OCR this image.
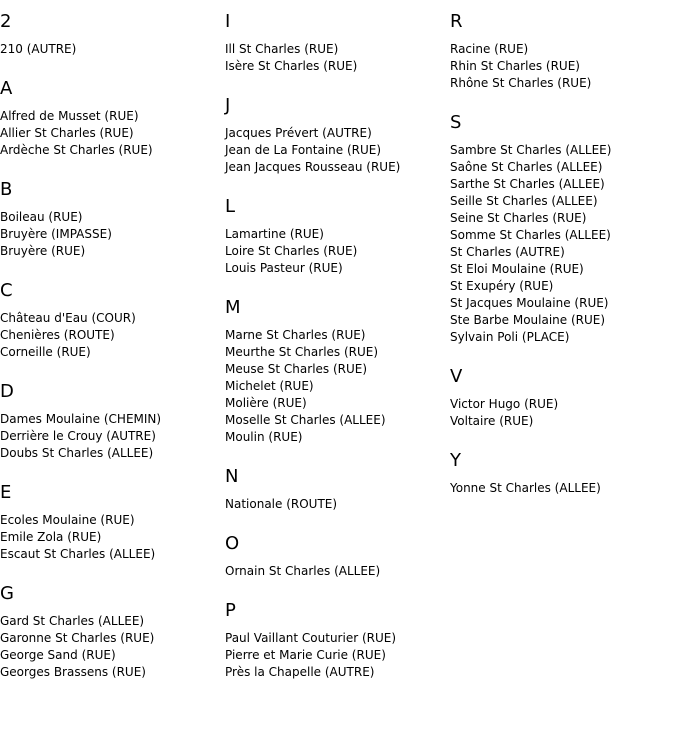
2
210 (AUTRE)
A
Alfred de Musset (RUE)
Allier St Charles (RUE)
Ardèche St Charles (RUE)
B
Boileau (RUE)
Bruyère (IMPASSE)
Bruyère (RUE)
C
Château d'Eau (COUR)
Chenières (ROUTE)
Corneille (RUE)
D
Dames Moulaine (CHEMIN)
Derrière le Crouy (AUTRE)
Doubs St Charles (ALLEE)
E
Ecoles Moulaine (RUE)
Emile Zola (RUE)
Escaut St Charles (ALLEE)
G
Gard St Charles (ALLEE)
Garonne St Charles (RUE)
George Sand (RUE)
Georges Brassens (RUE)
I
Ill St Charles (RUE)
Isère St Charles (RUE)
J
Jacques Prévert (AUTRE)
Jean de La Fontaine (RUE)
Jean Jacques Rousseau (RUE)
L
Lamartine (RUE)
Loire St Charles (RUE)
Louis Pasteur (RUE)
M
Marne St Charles (RUE)
Meurthe St Charles (RUE)
Meuse St Charles (RUE)
Michelet (RUE)
Molière (RUE)
Moselle St Charles (ALLEE)
Moulin (RUE)
N
Nationale (ROUTE)
O
Ornain St Charles (ALLEE)
P
Paul Vaillant Couturier (RUE)
Pierre et Marie Curie (RUE)
Près la Chapelle (AUTRE)
R
Racine (RUE)
Rhin St Charles (RUE)
Rhône St Charles (RUE)
S
Sambre St Charles (ALLEE)
Saône St Charles (ALLEE)
Sarthe St Charles (ALLEE)
Seille St Charles (ALLEE)
Seine St Charles (RUE)
Somme St Charles (ALLEE)
St Charles (AUTRE)
St Eloi Moulaine (RUE)
St Exupéry (RUE)
St Jacques Moulaine (RUE)
Ste Barbe Moulaine (RUE)
Sylvain Poli (PLACE)
V
Victor Hugo (RUE)
Voltaire (RUE)
Y
Yonne St Charles (ALLEE)
